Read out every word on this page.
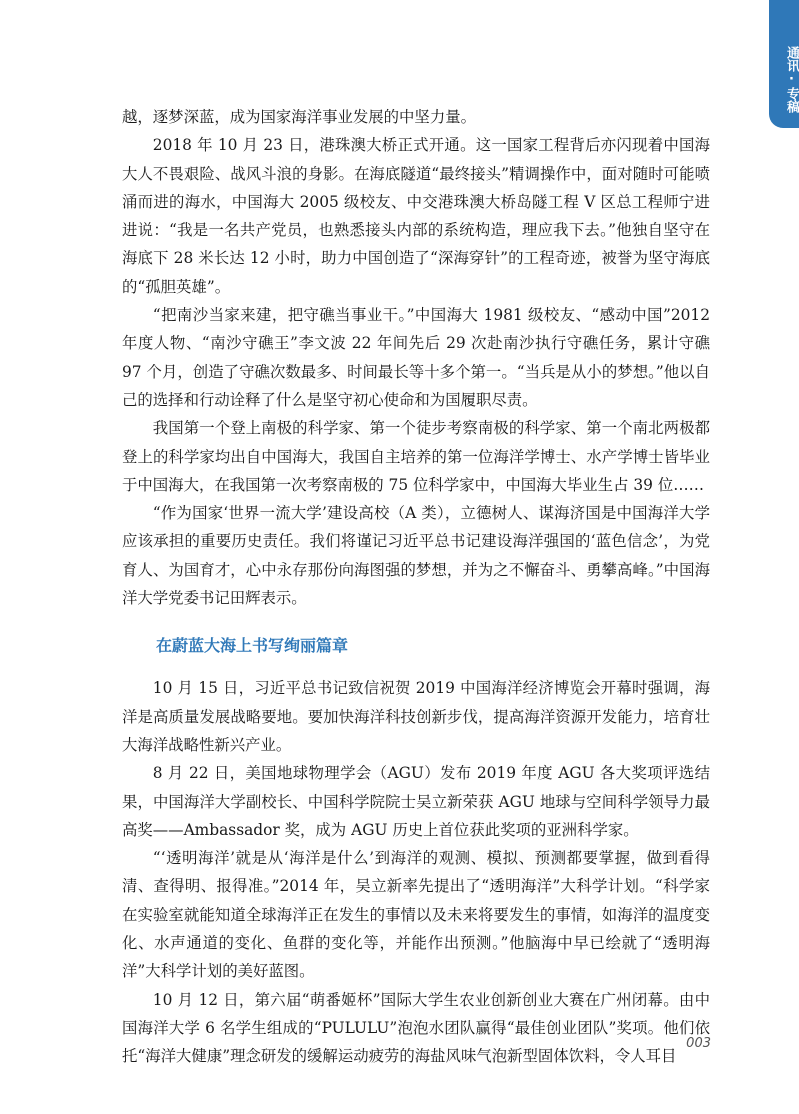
通讯·专稿

越，逐梦深蓝，成为国家海洋事业发展的中坚力量。

2018 年 10 月 23 日，港珠澳大桥正式开通。这一国家工程背后亦闪现着中国海大人不畏艰险、战风斗浪的身影。在海底隧道“最终接头”精调操作中，面对随时可能喷涌而进的海水，中国海大 2005 级校友、中交港珠澳大桥岛隧工程 V 区总工程师宁进进说：“我是一名共产党员，也熟悉接头内部的系统构造，理应我下去。”他独自坚守在海底下 28 米长达 12 小时，助力中国创造了“深海穿针”的工程奇迹，被誉为坚守海底的“孤胆英雄”。

“把南沙当家来建，把守礁当事业干。”中国海大 1981 级校友、“感动中国”2012 年度人物、“南沙守礁王”李文波 22 年间先后 29 次赴南沙执行守礁任务，累计守礁 97 个月，创造了守礁次数最多、时间最长等十多个第一。“当兵是从小的梦想。”他以自己的选择和行动诠释了什么是坚守初心使命和为国履职尽责。

我国第一个登上南极的科学家、第一个徒步考察南极的科学家、第一个南北两极都登上的科学家均出自中国海大，我国自主培养的第一位海洋学博士、水产学博士皆毕业于中国海大，在我国第一次考察南极的 75 位科学家中，中国海大毕业生占 39 位……

“作为国家‘世界一流大学’建设高校（A 类），立德树人、谋海济国是中国海洋大学应该承担的重要历史责任。我们将谨记习近平总书记建设海洋强国的‘蓝色信念’，为党育人、为国育才，心中永存那份向海图强的梦想，并为之不懈奋斗、勇攀高峰。”中国海洋大学党委书记田辉表示。

在蔚蓝大海上书写绚丽篇章

10 月 15 日，习近平总书记致信祝贺 2019 中国海洋经济博览会开幕时强调，海洋是高质量发展战略要地。要加快海洋科技创新步伐，提高海洋资源开发能力，培育壮大海洋战略性新兴产业。

8 月 22 日，美国地球物理学会（AGU）发布 2019 年度 AGU 各大奖项评选结果，中国海洋大学副校长、中国科学院院士吴立新荣获 AGU 地球与空间科学领导力最高奖——Ambassador 奖，成为 AGU 历史上首位获此奖项的亚洲科学家。

“‘透明海洋’就是从‘海洋是什么’到海洋的观测、模拟、预测都要掌握，做到看得清、查得明、报得准。”2014 年，吴立新率先提出了“透明海洋”大科学计划。“科学家在实验室就能知道全球海洋正在发生的事情以及未来将要发生的事情，如海洋的温度变化、水声通道的变化、鱼群的变化等，并能作出预测。”他脑海中早已绘就了“透明海洋”大科学计划的美好蓝图。

10 月 12 日，第六届“萌番姬杯”国际大学生农业创新创业大赛在广州闭幕。由中国海洋大学 6 名学生组成的“PULULU”泡泡水团队赢得“最佳创业团队”奖项。他们依托“海洋大健康”理念研发的缓解运动疲劳的海盐风味气泡新型固体饮料，令人耳目

003
